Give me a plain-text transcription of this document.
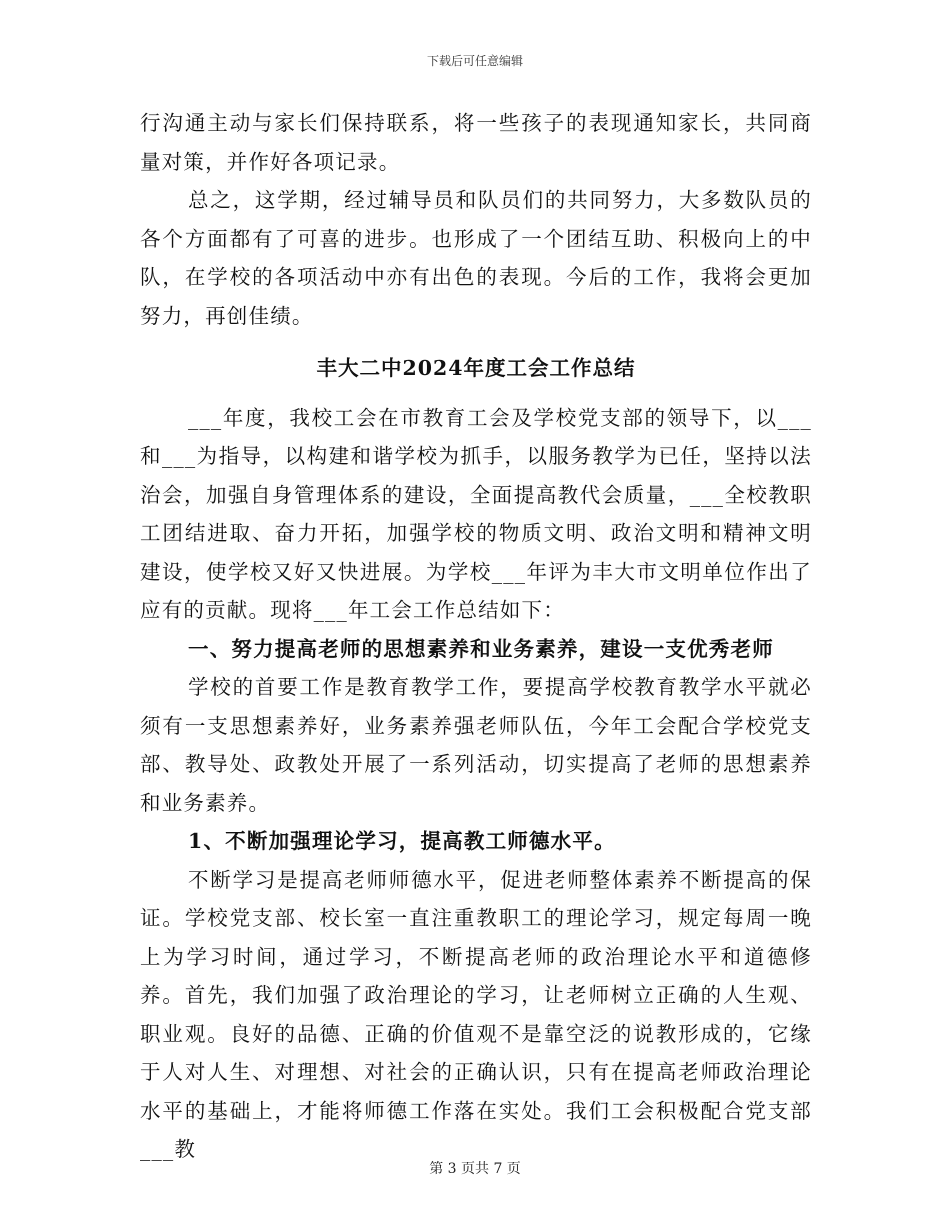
下载后可任意编辑

行沟通主动与家长们保持联系，将一些孩子的表现通知家长，共同商量对策，并作好各项记录。

总之，这学期，经过辅导员和队员们的共同努力，大多数队员的各个方面都有了可喜的进步。也形成了一个团结互助、积极向上的中队，在学校的各项活动中亦有出色的表现。今后的工作，我将会更加努力，再创佳绩。

丰大二中2024年度工会工作总结

___年度，我校工会在市教育工会及学校党支部的领导下，以___和___为指导，以构建和谐学校为抓手，以服务教学为已任，坚持以法治会，加强自身管理体系的建设，全面提高教代会质量，___全校教职工团结进取、奋力开拓，加强学校的物质文明、政治文明和精神文明建设，使学校又好又快进展。为学校___年评为丰大市文明单位作出了应有的贡献。现将___年工会工作总结如下：

一、努力提高老师的思想素养和业务素养，建设一支优秀老师

学校的首要工作是教育教学工作，要提高学校教育教学水平就必须有一支思想素养好，业务素养强老师队伍，今年工会配合学校党支部、教导处、政教处开展了一系列活动，切实提高了老师的思想素养和业务素养。

1、不断加强理论学习，提高教工师德水平。

不断学习是提高老师师德水平，促进老师整体素养不断提高的保证。学校党支部、校长室一直注重教职工的理论学习，规定每周一晚上为学习时间，通过学习，不断提高老师的政治理论水平和道德修养。首先，我们加强了政治理论的学习，让老师树立正确的人生观、职业观。良好的品德、正确的价值观不是靠空泛的说教形成的，它缘于人对人生、对理想、对社会的正确认识，只有在提高老师政治理论水平的基础上，才能将师德工作落在实处。我们工会积极配合党支部___教

第 3 页共 7 页
